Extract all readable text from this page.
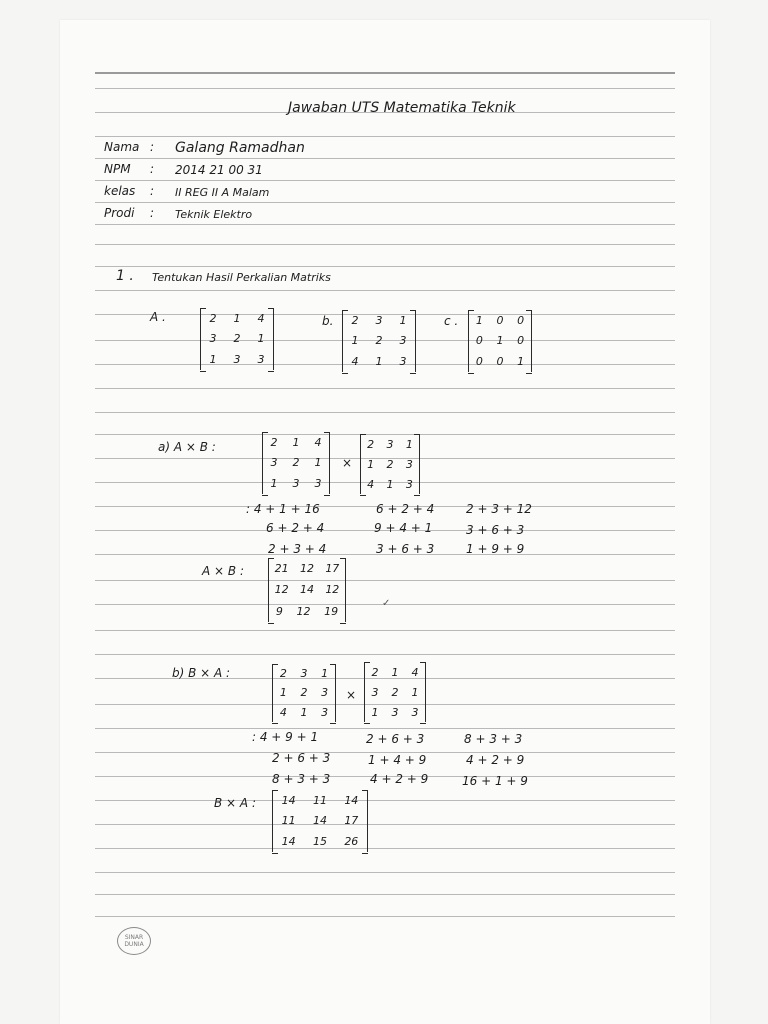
Jawaban UTS Matematika Teknik
Nama : Galang Ramadhan
NPM : 2014 21 00 31
kelas : II REG II A Malam
Prodi : Teknik Elektro
1 . Tentukan Hasil Perkalian Matriks
A .	2 1 4
3 2 1
1 3 3
b. 2 3 1
1 2 3
4 1 3
c . 1 0 0
0 1 0
0 0 1
a) A × B :	2 1 4
3 2 1
1 3 3
×
2 3 1
1 2 3
4 1 3
: 4 + 1 + 16	6 + 2 + 4	2 + 3 + 12
6 + 2 + 4	9 + 4 + 1	3 + 6 + 3
2 + 3 + 4	3 + 6 + 3	1 + 9 + 9
A × B :	21 12 17
12 14 12
9 12 19
✓
b) B × A :	2 3 1
1 2 3
4 1 3
×
2 1 4
3 2 1
1 3 3
: 4 + 9 + 1	2 + 6 + 3	8 + 3 + 3
2 + 6 + 3	1 + 4 + 9	4 + 2 + 9
8 + 3 + 3	4 + 2 + 9	16 + 1 + 9
B × A : 14 11 14
11 14 17
14 15 26
SINAR
DUNIA
